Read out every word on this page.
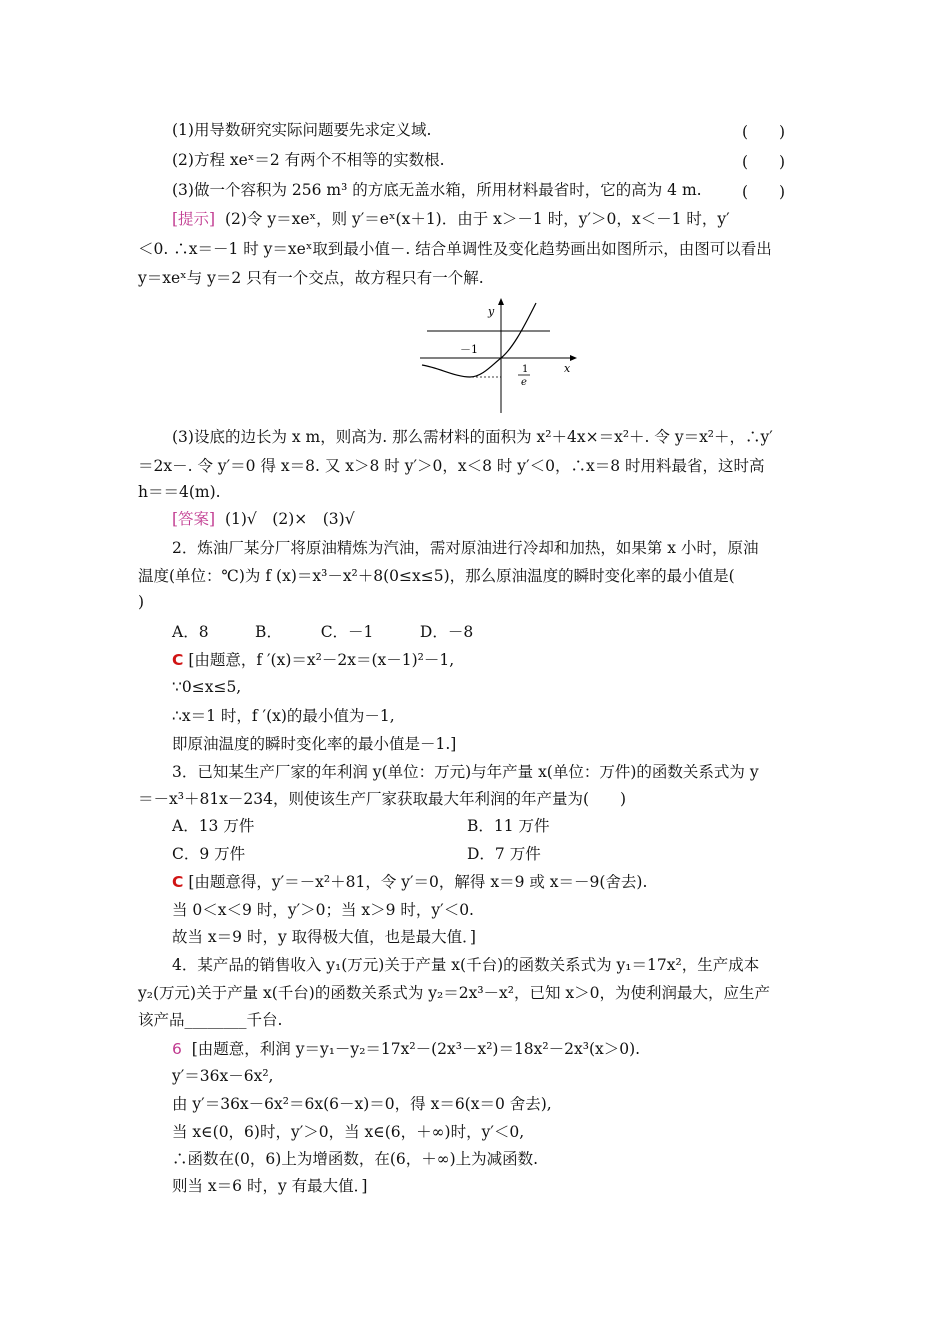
(1)用导数研究实际问题要先求定义域.	(　　)
(2)方程 xeˣ＝2 有两个不相等的实数根.	(　　)
(3)做一个容积为 256 m³ 的方底无盖水箱，所用材料最省时，它的高为 4 m.	(　　)
[提示] (2)令 y＝xeˣ，则 y′＝eˣ(x＋1)．由于 x＞－1 时，y′＞0，x＜－1 时，y′
＜0. ∴x＝－1 时 y＝xeˣ取到最小值－. 结合单调性及变化趋势画出如图所示，由图可以看出
y＝xeˣ与 y＝2 只有一个交点，故方程只有一个解.
y
x
－1
1
e
(3)设底的边长为 x m，则高为. 那么需材料的面积为 x²＋4x×＝x²＋. 令 y＝x²＋，∴y′
＝2x－. 令 y′＝0 得 x＝8. 又 x＞8 时 y′＞0，x＜8 时 y′＜0，∴x＝8 时用料最省，这时高
h＝＝4(m).
[答案] (1)√　(2)×　(3)√
2．炼油厂某分厂将原油精炼为汽油，需对原油进行冷却和加热，如果第 x 小时，原油
温度(单位：℃)为 f (x)＝x³－x²＋8(0≤x≤5)，那么原油温度的瞬时变化率的最小值是(
)
A．8　　　B．　　　C．－1　　　D．－8
C [由题意，f ′(x)＝x²－2x＝(x－1)²－1,
∵0≤x≤5,
∴x＝1 时，f ′(x)的最小值为－1,
即原油温度的瞬时变化率的最小值是－1.]
3．已知某生产厂家的年利润 y(单位：万元)与年产量 x(单位：万件)的函数关系式为 y
＝－x³＋81x－234，则使该生产厂家获取最大年利润的年产量为(　　)
A．13 万件	B．11 万件
C．9 万件	D．7 万件
C [由题意得，y′＝－x²＋81，令 y′＝0，解得 x＝9 或 x＝－9(舍去).
当 0＜x＜9 时，y′＞0；当 x＞9 时，y′＜0.
故当 x＝9 时，y 取得极大值，也是最大值．]
4．某产品的销售收入 y₁(万元)关于产量 x(千台)的函数关系式为 y₁＝17x²，生产成本
y₂(万元)关于产量 x(千台)的函数关系式为 y₂＝2x³－x²，已知 x＞0，为使利润最大，应生产
该产品________千台.
6 [由题意，利润 y＝y₁－y₂＝17x²－(2x³－x²)＝18x²－2x³(x＞0).
y′＝36x－6x²,
由 y′＝36x－6x²＝6x(6－x)＝0，得 x＝6(x＝0 舍去),
当 x∈(0，6)时，y′＞0，当 x∈(6，＋∞)时，y′＜0,
∴函数在(0，6)上为增函数，在(6，＋∞)上为减函数.
则当 x＝6 时，y 有最大值．]
